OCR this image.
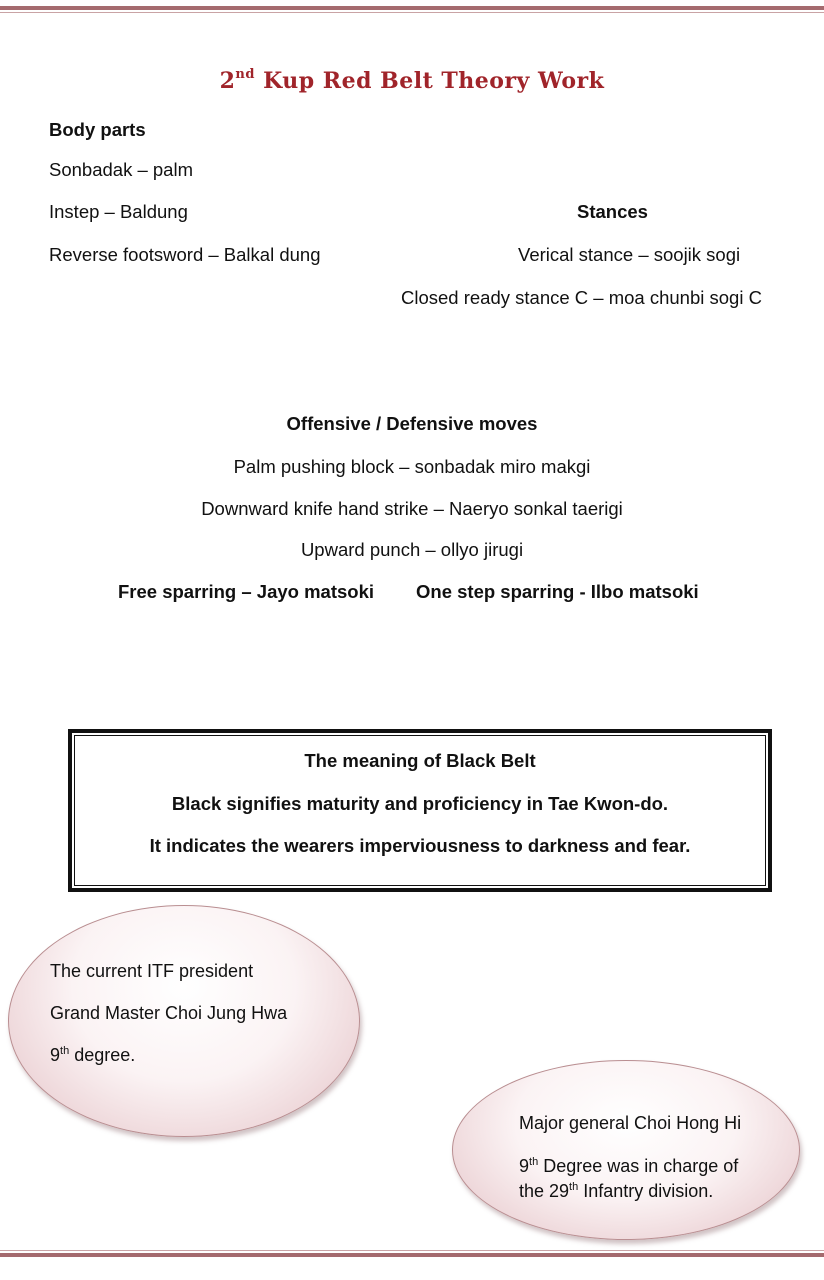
2nd Kup Red Belt Theory Work
Body parts
Sonbadak – palm
Instep – Baldung
Reverse footsword – Balkal dung
Stances
Verical stance – soojik sogi
Closed ready stance C – moa chunbi sogi C
Offensive / Defensive moves
Palm pushing block – sonbadak miro makgi
Downward knife hand strike – Naeryo sonkal taerigi
Upward punch – ollyo jirugi
Free sparring – Jayo matsoki One step sparring - Ilbo matsoki
The meaning of Black Belt
Black signifies maturity and proficiency in Tae Kwon-do.
It indicates the wearers imperviousness to darkness and fear.
The current ITF president
Grand Master Choi Jung Hwa
9th degree.
Major general Choi Hong Hi
9th Degree was in charge of
the 29th Infantry division.
